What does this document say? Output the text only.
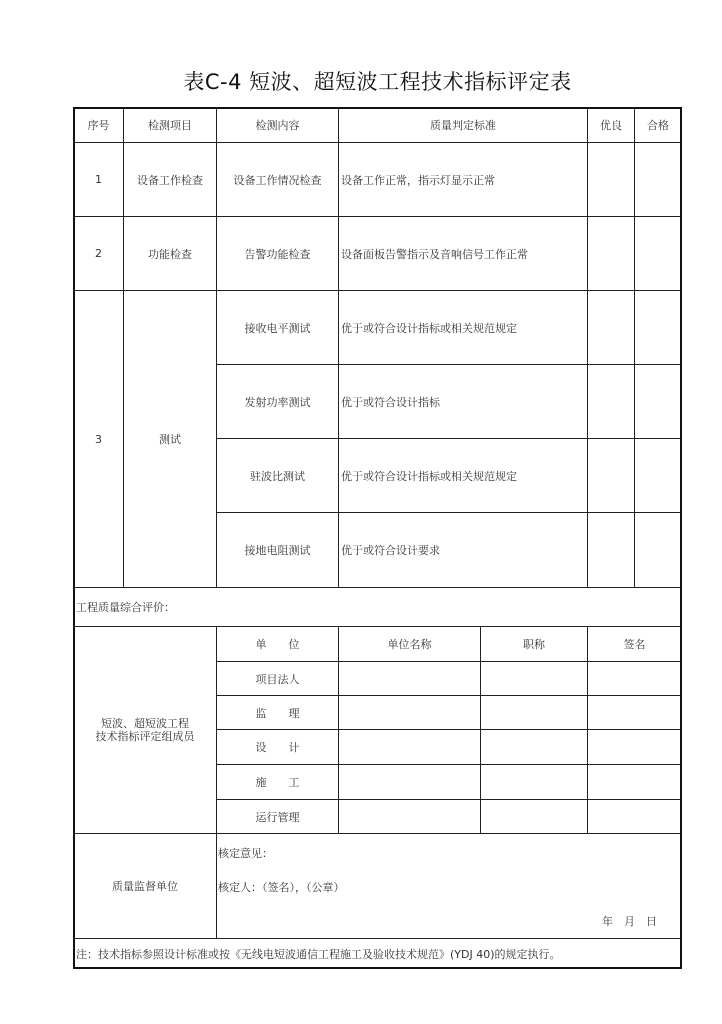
表C-4 短波、超短波工程技术指标评定表
序号	检测项目	检测内容	质量判定标准	优良	合格
1	设备工作检查	设备工作情况检查	设备工作正常，指示灯显示正常
2	功能检查	告警功能检查	设备面板告警指示及音响信号工作正常
3	测试
接收电平测试	优于或符合设计指标或相关规范规定
发射功率测试	优于或符合设计指标
驻波比测试	优于或符合设计指标或相关规范规定
接地电阻测试	优于或符合设计要求
工程质量综合评价：
短波、超短波工程
技术指标评定组成员
单　　位	单位名称	职称	签名
项目法人
监　　理
设　　计
施　　工
运行管理
质量监督单位
核定意见：
核定人：（签名），（公章）
年　月　日
注：技术指标参照设计标准或按《无线电短波通信工程施工及验收技术规范》(YDJ 40)的规定执行。
